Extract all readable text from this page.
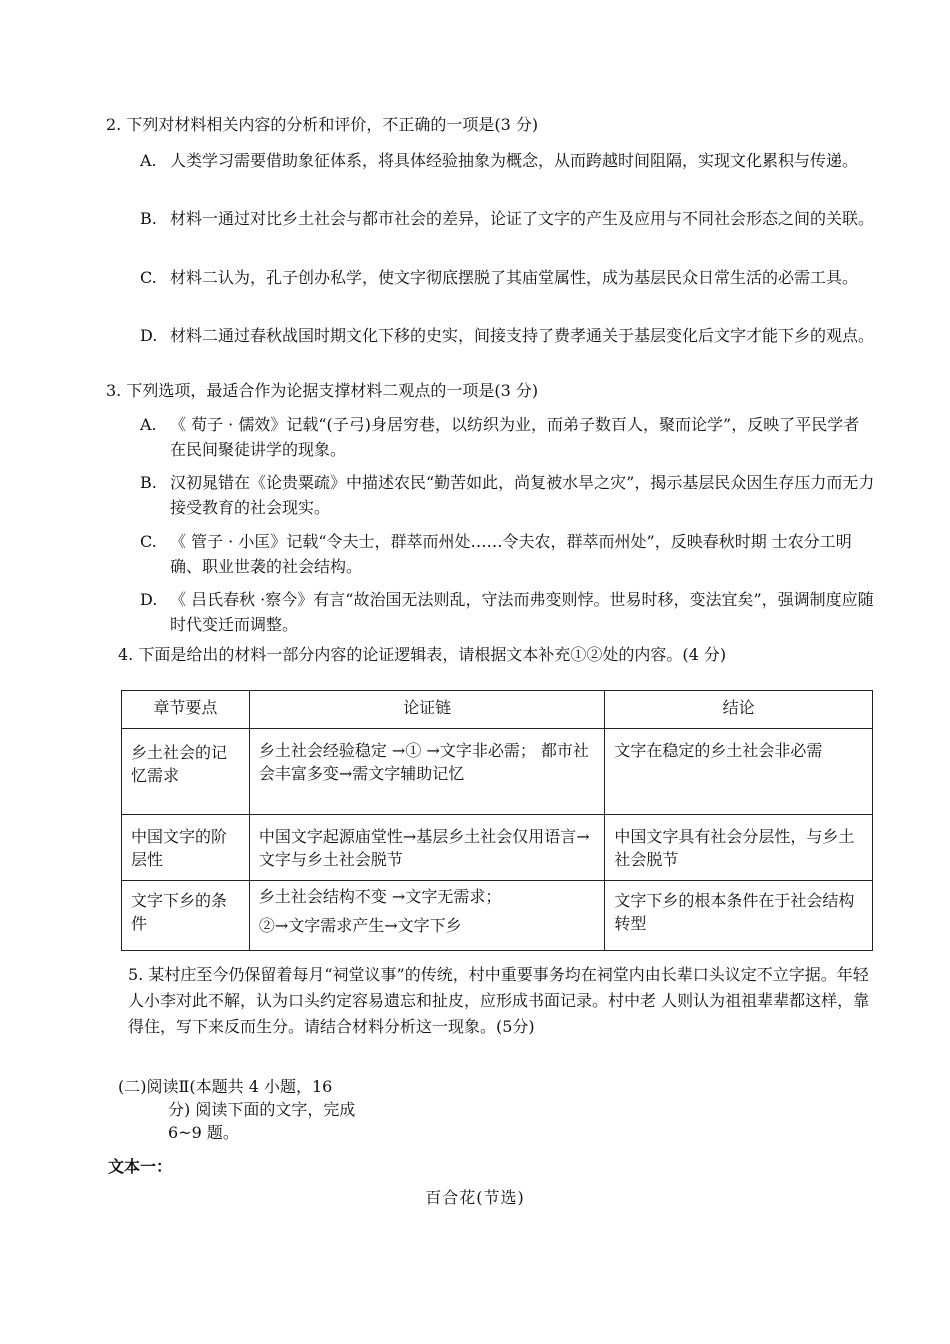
2. 下列对材料相关内容的分析和评价，不正确的一项是(3 分)
A. 人类学习需要借助象征体系，将具体经验抽象为概念，从而跨越时间阻隔，实现文化累积与传递。
B. 材料一通过对比乡土社会与都市社会的差异，论证了文字的产生及应用与不同社会形态之间的关联。
C. 材料二认为，孔子创办私学，使文字彻底摆脱了其庙堂属性，成为基层民众日常生活的必需工具。
D. 材料二通过春秋战国时期文化下移的史实，间接支持了费孝通关于基层变化后文字才能下乡的观点。
3. 下列选项，最适合作为论据支撑材料二观点的一项是(3 分)
A. 《 荀子 · 儒效》记载“(子弓)身居穷巷，以纺织为业，而弟子数百人，聚而论学”，反映了平民学者在民间聚徒讲学的现象。
B. 汉初晁错在《论贵粟疏》中描述农民“勤苦如此，尚复被水旱之灾”，揭示基层民众因生存压力而无力接受教育的社会现实。
C. 《 管子 · 小匡》记载“令夫士，群萃而州处……令夫农，群萃而州处”，反映春秋时期 士农分工明确、职业世袭的社会结构。
D. 《 吕氏春秋 ·察今》有言“故治国无法则乱，守法而弗变则悖。世易时移，变法宜矣”，强调制度应随时代变迁而调整。
4. 下面是给出的材料一部分内容的论证逻辑表，请根据文本补充①②处的内容。(4 分)
章节要点	论证链	结论
乡土社会的记忆需求	乡土社会经验稳定 →① →文字非必需； 都市社会丰富多变→需文字辅助记忆	文字在稳定的乡土社会非必需
中国文字的阶层性	中国文字起源庙堂性→基层乡土社会仅用语言→文字与乡土社会脱节	中国文字具有社会分层性，与乡土社会脱节
文字下乡的条件	乡土社会结构不变 →文字无需求；
②→文字需求产生→文字下乡	文字下乡的根本条件在于社会结构转型
5. 某村庄至今仍保留着每月“祠堂议事”的传统，村中重要事务均在祠堂内由长辈口头议定不立字据。年轻人小李对此不解，认为口头约定容易遗忘和扯皮，应形成书面记录。村中老 人则认为祖祖辈辈都这样，靠得住，写下来反而生分。请结合材料分析这一现象。(5分)
(二)阅读Ⅱ(本题共 4 小题，16
分) 阅读下面的文字，完成
6~9 题。
文本一：
百合花(节选)
